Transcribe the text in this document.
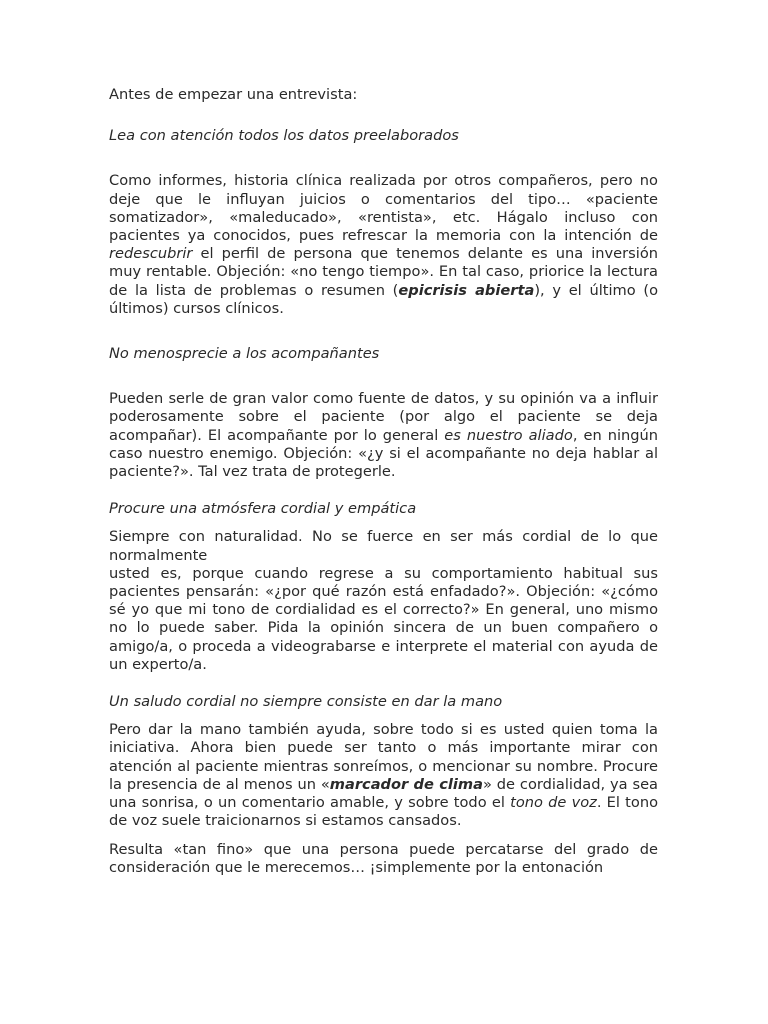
Antes de empezar una entrevista:

Lea con atención todos los datos preelaborados

Como informes, historia clínica realizada por otros compañeros, pero no deje que le influyan juicios o comentarios del tipo… «paciente somatizador», «maleducado», «rentista», etc. Hágalo incluso con pacientes ya conocidos, pues refrescar la memoria con la intención de redescubrir el perfil de persona que tenemos delante es una inversión muy rentable. Objeción: «no tengo tiempo». En tal caso, priorice la lectura de la lista de problemas o resumen (epicrisis abierta), y el último (o últimos) cursos clínicos.

No menosprecie a los acompañantes

Pueden serle de gran valor como fuente de datos, y su opinión va a influir poderosamente sobre el paciente (por algo el paciente se deja acompañar). El acompañante por lo general es nuestro aliado, en ningún caso nuestro enemigo. Objeción: «¿y si el acompañante no deja hablar al paciente?». Tal vez trata de protegerle.

Procure una atmósfera cordial y empática

Siempre con naturalidad. No se fuerce en ser más cordial de lo que normalmente
usted es, porque cuando regrese a su comportamiento habitual sus pacientes pensarán: «¿por qué razón está enfadado?». Objeción: «¿cómo sé yo que mi tono de cordialidad es el correcto?» En general, uno mismo no lo puede saber. Pida la opinión sincera de un buen compañero o amigo/a, o proceda a videograbarse e interprete el material con ayuda de un experto/a.

Un saludo cordial no siempre consiste en dar la mano

Pero dar la mano también ayuda, sobre todo si es usted quien toma la iniciativa. Ahora bien puede ser tanto o más importante mirar con atención al paciente mientras sonreímos, o mencionar su nombre. Procure la presencia de al menos un «marcador de clima» de cordialidad, ya sea una sonrisa, o un comentario amable, y sobre todo el tono de voz. El tono de voz suele traicionarnos si estamos cansados.

Resulta «tan fino» que una persona puede percatarse del grado de consideración que le merecemos… ¡simplemente por la entonación
